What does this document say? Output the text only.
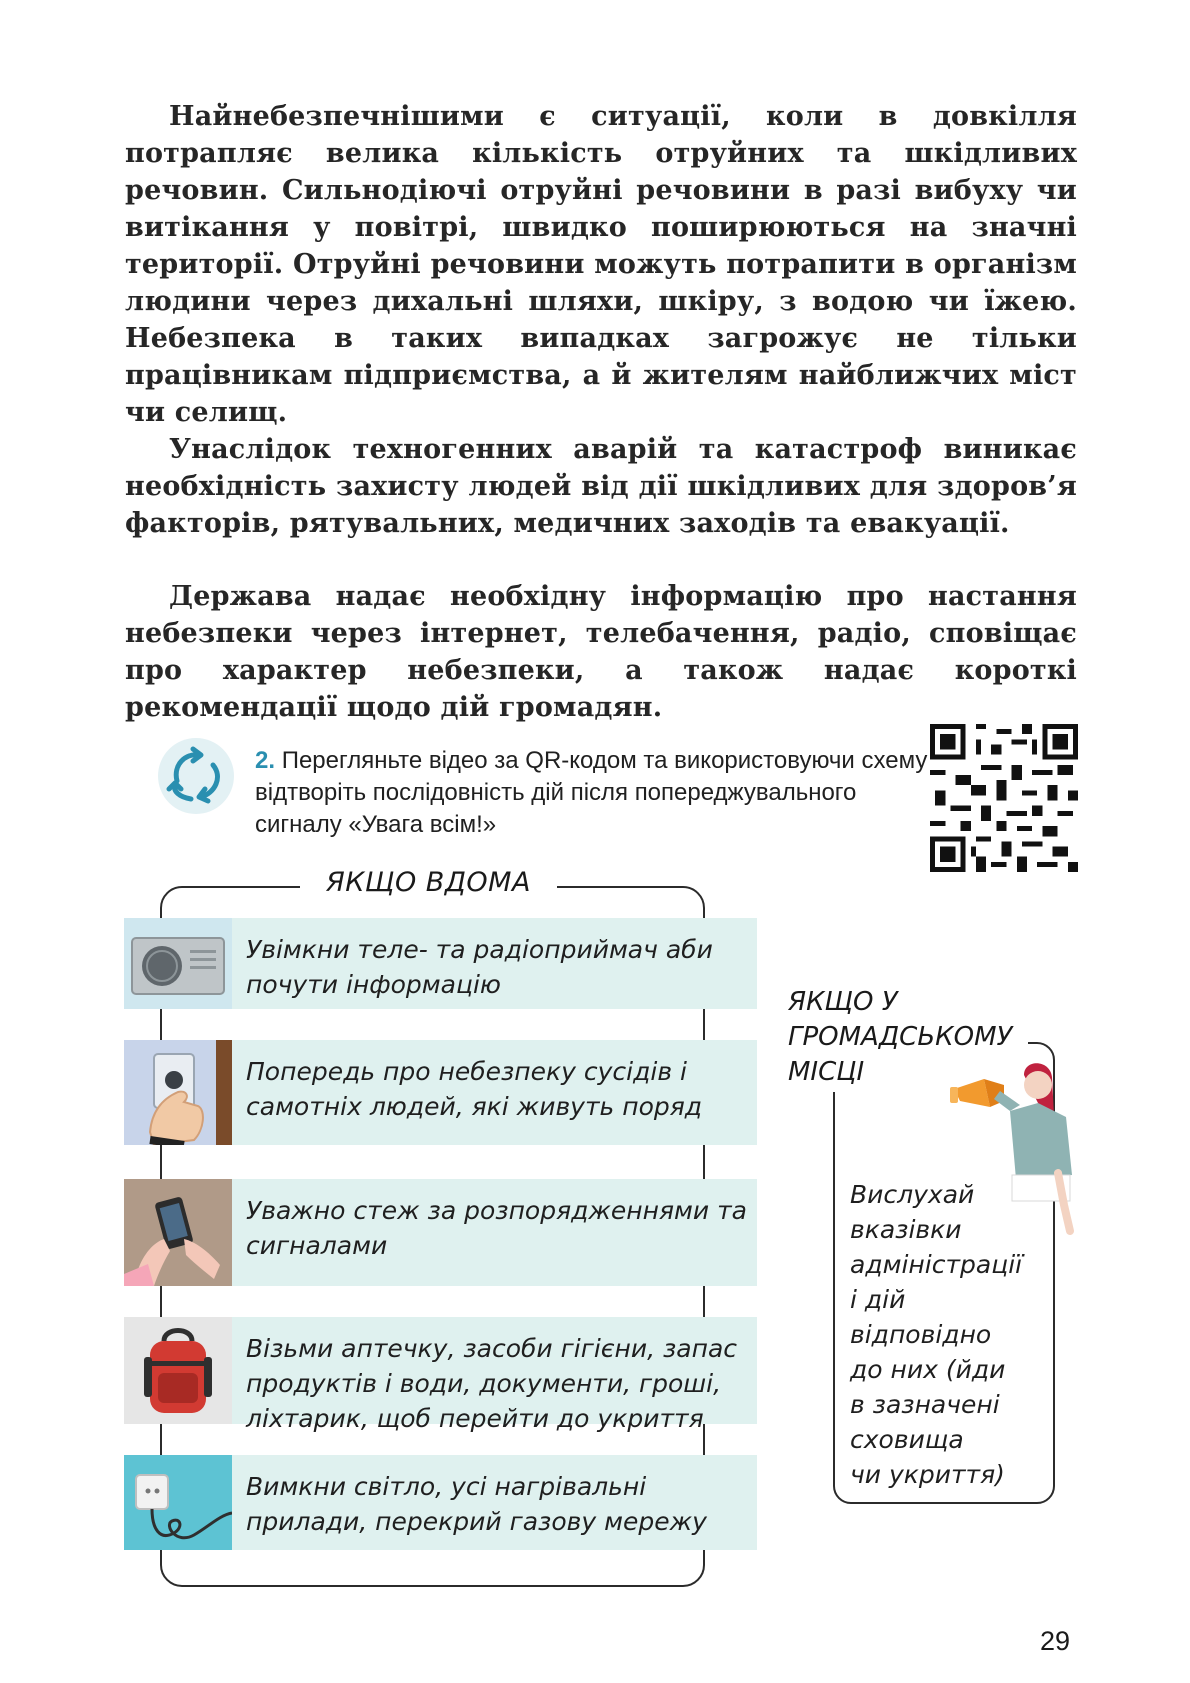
Найнебезпечнішими є ситуації, коли в довкілля потрапляє велика кількість отруйних та шкідливих речовин. Сильнодіючі отруйні речовини в разі вибуху чи витікання у повітрі, швидко поширюються на значні території. Отруйні речовини можуть потрапити в організм людини через дихальні шляхи, шкіру, з водою чи їжею. Небезпека в таких випадках загрожує не тільки працівникам підприємства, а й жителям найближчих міст чи селищ.

Унаслідок техногенних аварій та катастроф виникає необхідність захисту людей від дії шкідливих для здоров’я факторів, рятувальних, медичних заходів та евакуації.

Держава надає необхідну інформацію про настання небезпеки через інтернет, телебачення, радіо, сповіщає про характер небезпеки, а також надає короткі рекомендації щодо дій громадян.

2. Перегляньте відео за QR-кодом та використовуючи схему відтворіть послідовність дій після попереджувального сигналу «Увага всім!»
ЯКЩО ВДОМА
Увімкни теле- та радіоприймач аби почути інформацію
Попередь про небезпеку сусідів і самотніх людей, які живуть поряд
Уважно стеж за розпорядженнями та сигналами
Візьми аптечку, засоби гігієни, запас продуктів і води, документи, гроші, ліхтарик, щоб перейти до укриття
Вимкни світло, усі нагрівальні прилади, перекрий газову мережу
ЯКЩО У
ГРОМАДСЬКОМУ
МІСЦІ
Вислухай
вказівки
адміністрації
і дій
відповідно
до них (йди
в зазначені
сховища
чи укриття)
29
